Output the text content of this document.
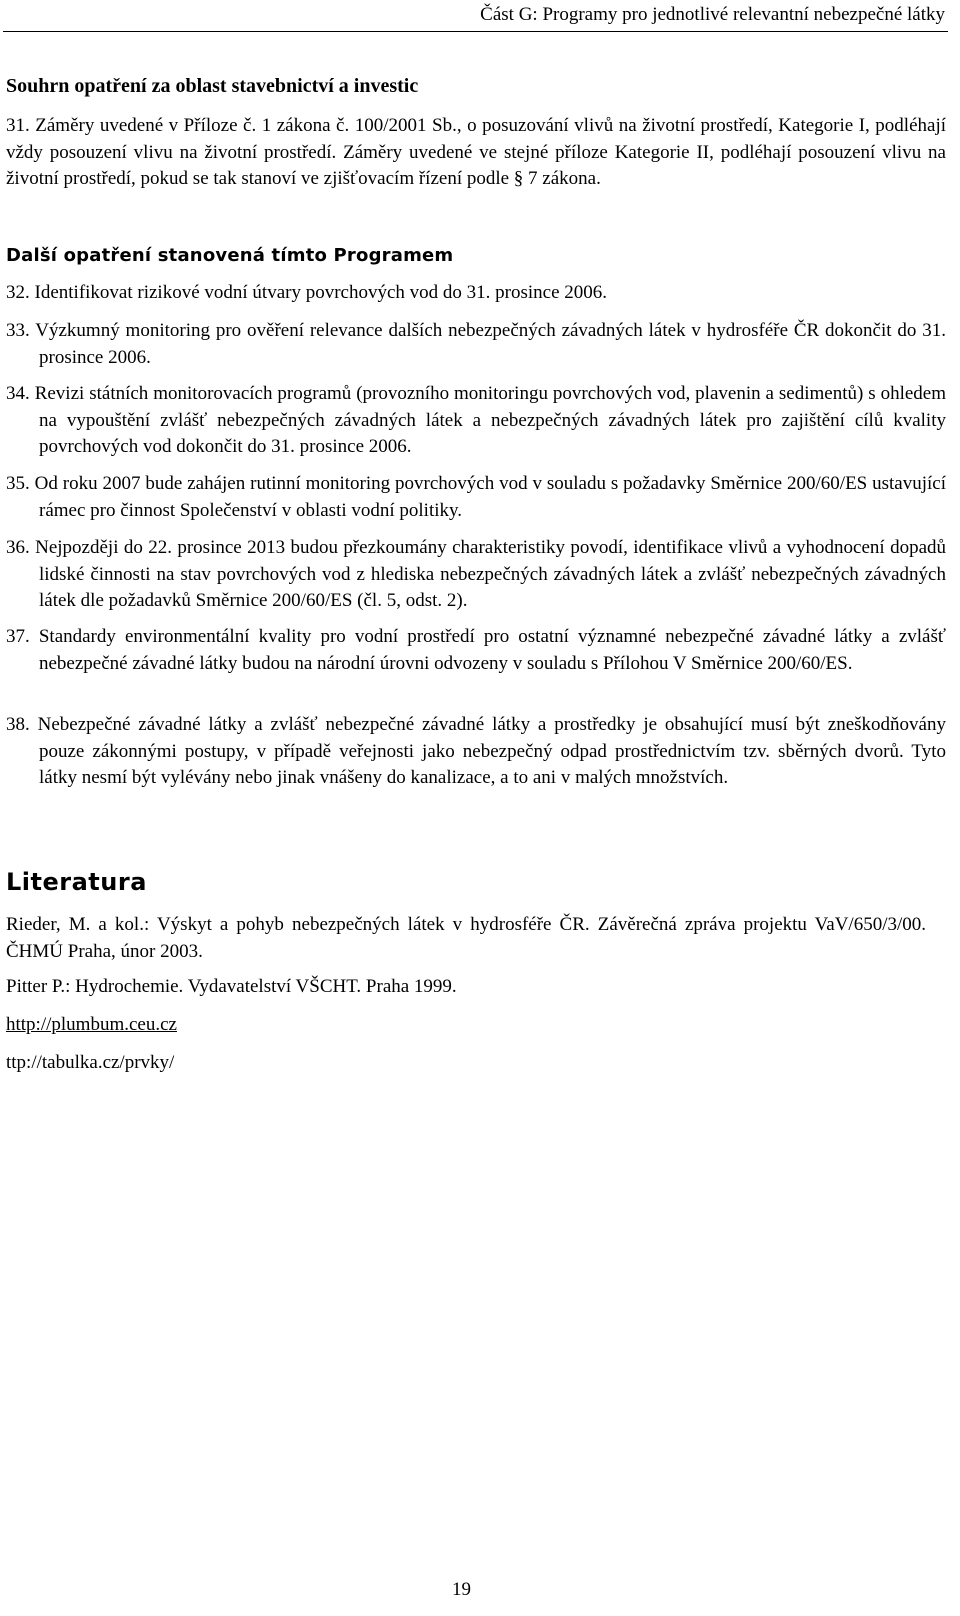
Část G: Programy pro jednotlivé relevantní nebezpečné látky
Souhrn opatření za oblast stavebnictví a investic

31. Záměry uvedené v Příloze č. 1 zákona č. 100/2001 Sb., o posuzování vlivů na životní prostředí, Kategorie I, podléhají vždy posouzení vlivu na životní prostředí. Záměry uvedené ve stejné příloze Kategorie II, podléhají posouzení vlivu na životní prostředí, pokud se tak stanoví ve zjišťovacím řízení podle § 7 zákona.

Další opatření stanovená tímto Programem

32. Identifikovat rizikové vodní útvary povrchových vod do 31. prosince 2006.

33. Výzkumný monitoring pro ověření relevance dalších nebezpečných závadných látek v hydrosféře ČR dokončit do 31. prosince 2006.

34. Revizi státních monitorovacích programů (provozního monitoringu povrchových vod, plavenin a sedimentů) s ohledem na vypouštění zvlášť nebezpečných závadných látek a nebezpečných závadných látek pro zajištění cílů kvality povrchových vod dokončit do 31. prosince 2006.

35. Od roku 2007 bude zahájen rutinní monitoring povrchových vod v souladu s požadavky Směrnice 200/60/ES ustavující rámec pro činnost Společenství v oblasti vodní politiky.

36. Nejpozději do 22. prosince 2013 budou přezkoumány charakteristiky povodí, identifikace vlivů a vyhodnocení dopadů lidské činnosti na stav povrchových vod z hlediska nebezpečných závadných látek a zvlášť nebezpečných závadných látek dle požadavků Směrnice 200/60/ES (čl. 5, odst. 2).

37. Standardy environmentální kvality pro vodní prostředí pro ostatní významné nebezpečné závadné látky a zvlášť nebezpečné závadné látky budou na národní úrovni odvozeny v souladu s Přílohou V Směrnice 200/60/ES.

38. Nebezpečné závadné látky a zvlášť nebezpečné závadné látky a prostředky je obsahující musí být zneškodňovány pouze zákonnými postupy, v případě veřejnosti jako nebezpečný odpad prostřednictvím tzv. sběrných dvorů. Tyto látky nesmí být vylévány nebo jinak vnášeny do kanalizace, a to ani v malých množstvích.

Literatura

Rieder, M. a kol.: Výskyt a pohyb nebezpečných látek v hydrosféře ČR. Závěrečná zpráva projektu VaV/650/3/00. ČHMÚ Praha, únor 2003.

Pitter P.: Hydrochemie. Vydavatelství VŠCHT. Praha 1999.

http://plumbum.ceu.cz

ttp://tabulka.cz/prvky/

19
